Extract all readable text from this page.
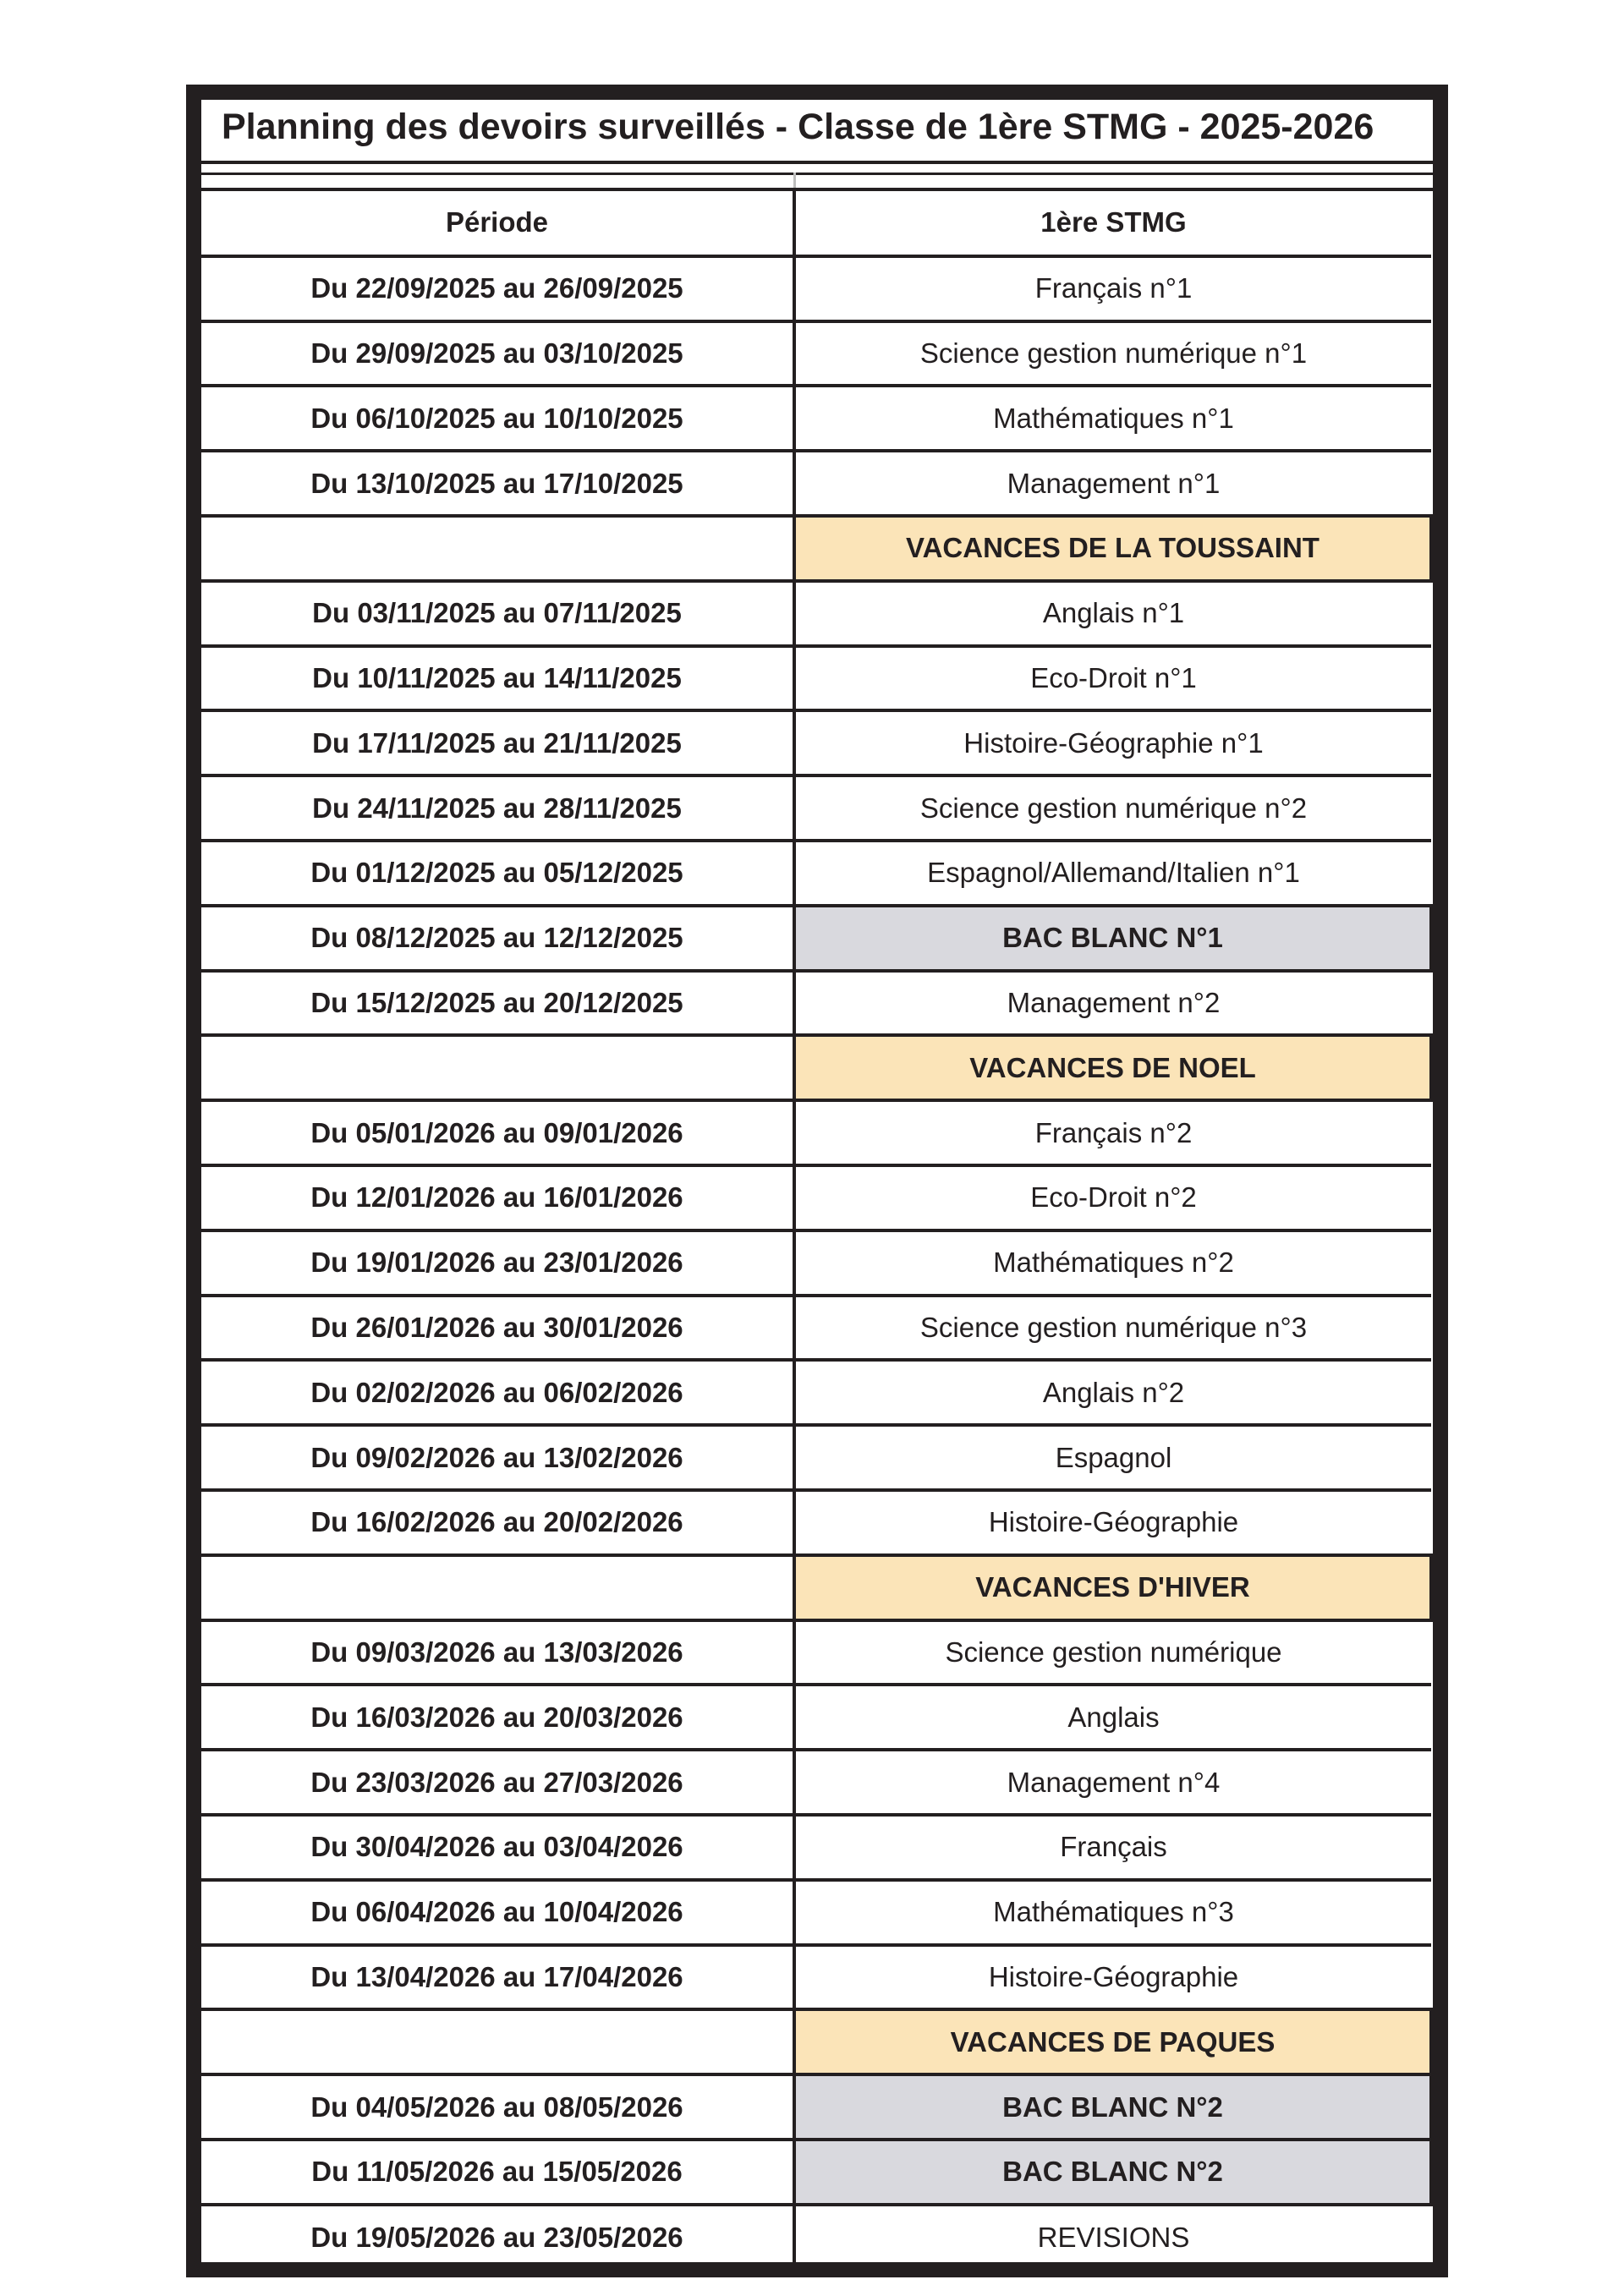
Planning des devoirs surveillés - Classe de 1ère STMG - 2025-2026
Période	1ère STMG
Du 22/09/2025 au 26/09/2025	Français n°1
Du 29/09/2025 au 03/10/2025	Science gestion numérique n°1
Du 06/10/2025 au 10/10/2025	Mathématiques n°1
Du 13/10/2025 au 17/10/2025	Management n°1
	VACANCES DE LA TOUSSAINT
Du 03/11/2025 au 07/11/2025	Anglais n°1
Du 10/11/2025 au 14/11/2025	Eco-Droit n°1
Du 17/11/2025 au 21/11/2025	Histoire-Géographie n°1
Du 24/11/2025 au 28/11/2025	Science gestion numérique n°2
Du 01/12/2025 au 05/12/2025	Espagnol/Allemand/Italien n°1
Du 08/12/2025 au 12/12/2025	BAC BLANC N°1
Du 15/12/2025 au 20/12/2025	Management n°2
	VACANCES DE NOEL
Du 05/01/2026 au 09/01/2026	Français n°2
Du 12/01/2026 au 16/01/2026	Eco-Droit n°2
Du 19/01/2026 au 23/01/2026	Mathématiques n°2
Du 26/01/2026 au 30/01/2026	Science gestion numérique n°3
Du 02/02/2026 au 06/02/2026	Anglais n°2
Du 09/02/2026 au 13/02/2026	Espagnol
Du 16/02/2026 au 20/02/2026	Histoire-Géographie
	VACANCES D'HIVER
Du 09/03/2026 au 13/03/2026	Science gestion numérique
Du 16/03/2026 au 20/03/2026	Anglais
Du 23/03/2026 au 27/03/2026	Management n°4
Du 30/04/2026 au 03/04/2026	Français
Du 06/04/2026 au 10/04/2026	Mathématiques n°3
Du 13/04/2026 au 17/04/2026	Histoire-Géographie
	VACANCES DE PAQUES
Du 04/05/2026 au 08/05/2026	BAC BLANC N°2
Du 11/05/2026 au 15/05/2026	BAC BLANC N°2
Du 19/05/2026 au 23/05/2026	REVISIONS
